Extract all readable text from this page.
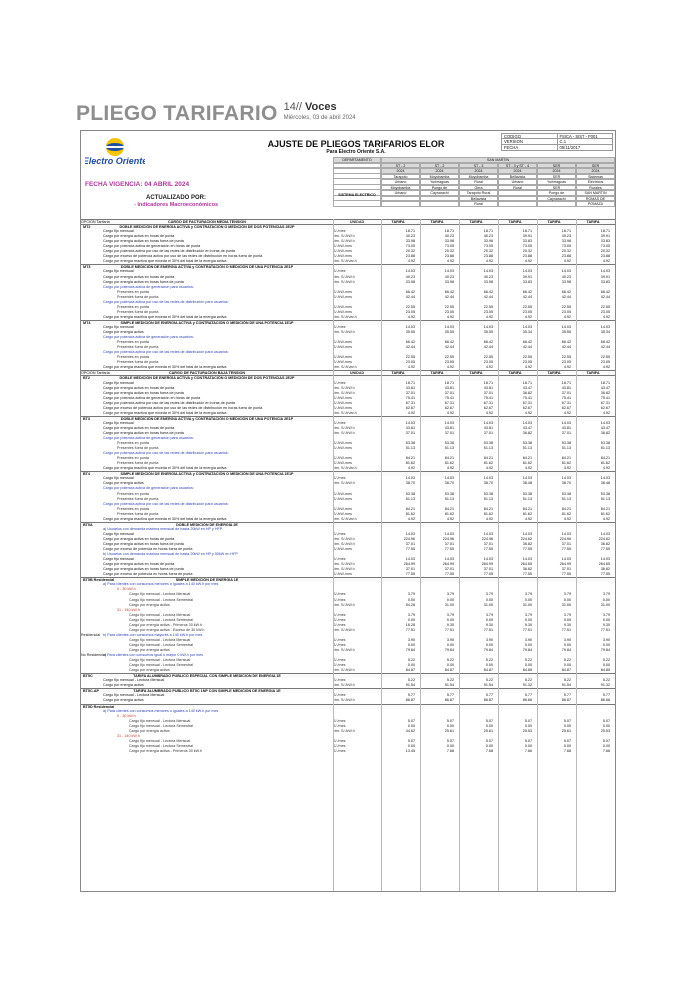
PLIEGO TARIFARIO 14// Voces
Miércoles, 03 de abril 2024
Electro Oriente
AJUSTE DE PLIEGOS TARIFARIOS ELOR
Para Electro Oriente S.A.
CODIGO	FSICA - SIS7 - F001
VERSION	C.1
FECHA	05/11/2017
FECHA VIGENCIA: 04 ABRIL 2024
ACTUALIZADO POR:
- Indicadores Macroeconómicos
DEPARTAMENTO	SAN MARTIN
ST - 2	ST - 2	ST - 3	ST - 3 y ST - 4	SER	SER
2024	2024	2024	2024	2024	2024
Tarapoto	Moyobamba	Moyobamba	Bellavista	SER	Sistemas
Urbano	Yurimaguas	Rural	Urbano	Yurimaguas	Eléctricos
Moyobamba	Pongo de	Gera	Rural	SER	Rurales
Urbano	Caynarachi	Tarapoto Rural	Pongo de	SAN MARTIN
Bellavista	Caynarachi	ROMAS DE
Rural	POMAZA
SISTEMA ELECTRICO
OPCION Tarifaria	CARGO DE FACTURACION MEDIA TENSION	UNIDAD	TARIFA	TARIFA	TARIFA	TARIFA	TARIFA	TARIFA
MT2	DOBLE MEDICIÓN DE ENERGÍA ACTIVA y CONTRATACIÓN O MEDICIÓN DE DOS POTENCIAS 2E2P
Cargo fijo mensual	S/./mes	18.71	18.71	18.71	18.71	18.71	18.71
Cargo por energía activa en horas de punta	ctm. S/./kW.h	40.23	40.23	40.23	39.91	40.23	39.91
Cargo por energía activa en horas fuera de punta	ctm. S/./kW.h	33.98	33.98	33.98	33.83	33.98	33.83
Cargo por potencia activa de generación en horas de punta	S/./kW-mes	73.05	73.05	73.05	73.05	73.05	73.05
Cargo por potencia activa por uso de las redes de distribución en horas de punta	S/./kW-mes	20.32	20.32	20.32	20.32	20.32	20.32
Cargo por exceso de potencia activa por uso de las redes de distribución en horas fuera de punta	S/./kW-mes	23.88	23.88	23.88	23.88	23.88	23.88
Cargo por energía reactiva que exceda el 30% del total de la energía activa	ctm. S/./kVar.h	4.92	4.92	4.92	4.92	4.92	4.92
MT3	DOBLE MEDICIÓN DE ENERGÍA ACTIVA y CONTRATACIÓN O MEDICIÓN DE UNA POTENCIA 2E1P
Cargo fijo mensual	S/./mes	14.03	14.03	14.03	14.03	14.03	14.03
Cargo por energía activa en horas de punta	ctm. S/./kW.h	40.23	40.23	40.23	39.91	40.23	39.91
Cargo por energía activa en horas fuera de punta	ctm. S/./kW.h	33.98	33.98	33.98	33.83	33.98	33.83
Cargo por potencia activa de generación para usuarios:
Presentes en punta	S/./kW-mes	66.42	66.42	66.42	66.42	66.42	66.42
Presentes fuera de punta	S/./kW-mes	42.44	42.44	42.44	42.44	42.44	42.44
Cargo por potencia activa por uso de las redes de distribución para usuarios:
Presentes en punta	S/./kW-mes	22.55	22.55	22.55	22.55	22.55	22.55
Presentes fuera de punta	S/./kW-mes	23.05	23.05	23.05	23.05	23.05	23.05
Cargo por energía reactiva que exceda el 30% del total de la energía activa	ctm. S/./kVar.h	4.92	4.92	4.92	4.92	4.92	4.92
MT4	SIMPLE MEDICIÓN DE ENERGÍA ACTIVA y CONTRATACIÓN O MEDICIÓN DE UNA POTENCIA 1E1P
Cargo fijo mensual	S/./mes	14.03	14.03	14.03	14.03	14.03	14.03
Cargo por energía activa	ctm. S/./kW.h	35.55	35.55	35.55	35.34	35.55	35.34
Cargo por potencia activa de generación para usuarios:
Presentes en punta	S/./kW-mes	66.42	66.42	66.42	66.42	66.42	66.42
Presentes fuera de punta	S/./kW-mes	42.44	42.44	42.44	42.44	42.44	42.44
Cargo por potencia activa por uso de las redes de distribución para usuarios:
Presentes en punta	S/./kW-mes	22.55	22.55	22.55	22.55	22.55	22.55
Presentes fuera de punta	S/./kW-mes	23.05	23.05	23.05	23.05	23.05	23.05
Cargo por energía reactiva que exceda el 30% del total de la energía activa	ctm. S/./kVar.h	4.92	4.92	4.92	4.92	4.92	4.92
OPCION Tarifaria	CARGO DE FACTURACION BAJA TENSION	UNIDAD	TARIFA	TARIFA	TARIFA	TARIFA	TARIFA	TARIFA
BT2	DOBLE MEDICIÓN DE ENERGÍA ACTIVA y CONTRATACIÓN O MEDICIÓN DE DOS POTENCIAS 2E2P
Cargo fijo mensual	S/./mes	18.71	18.71	18.71	18.71	18.71	18.71
Cargo por energía activa en horas de punta	ctm. S/./kW.h	43.81	43.81	43.81	43.47	43.81	43.47
Cargo por energía activa en horas fuera de punta	ctm. S/./kW.h	37.01	37.01	37.01	36.82	37.01	36.82
Cargo por potencia activa de generación en horas de punta	S/./kW-mes	75.41	75.41	75.41	75.41	75.41	75.41
Cargo por potencia activa por uso de las redes de distribución en horas de punta	S/./kW-mes	67.31	67.31	67.31	67.31	67.31	67.31
Cargo por exceso de potencia activa por uso de las redes de distribución en horas fuera de punta	S/./kW-mes	62.67	62.67	62.67	62.67	62.67	62.67
Cargo por energía reactiva que exceda el 30% del total de la energía activa	ctm. S/./kVar.h	4.92	4.92	4.92	4.92	4.92	4.92
BT3	DOBLE MEDICIÓN DE ENERGÍA ACTIVA y CONTRATACIÓN O MEDICIÓN DE UNA POTENCIA 2E1P
Cargo fijo mensual	S/./mes	14.03	14.03	14.03	14.03	14.03	14.03
Cargo por energía activa en horas de punta	ctm. S/./kW.h	43.81	43.81	43.81	43.47	43.81	43.47
Cargo por energía activa en horas fuera de punta	ctm. S/./kW.h	37.01	37.01	37.01	36.82	37.01	36.82
Cargo por potencia activa de generación para usuarios:
Presentes en punta	S/./kW-mes	53.38	53.38	53.38	53.38	53.38	53.38
Presentes fuera de punta	S/./kW-mes	51.13	51.13	51.13	51.13	51.13	51.13
Cargo por potencia activa por uso de las redes de distribución para usuarios:
Presentes en punta	S/./kW-mes	84.21	84.21	84.21	84.21	84.21	84.21
Presentes fuera de punta	S/./kW-mes	81.62	81.62	81.62	81.62	81.62	81.62
Cargo por energía reactiva que exceda el 30% del total de la energía activa	ctm. S/./kVar.h	4.92	4.92	4.92	4.92	4.92	4.92
BT4	SIMPLE MEDICIÓN DE ENERGÍA ACTIVA y CONTRATACIÓN O MEDICIÓN DE UNA POTENCIA 1E1P
Cargo fijo mensual	S/./mes	14.03	14.03	14.03	14.03	14.03	14.03
Cargo por energía activa	ctm. S/./kW.h	38.70	38.70	38.70	38.48	38.70	38.48
Cargo por potencia activa de generación para usuarios:
Presentes en punta	S/./kW-mes	53.38	53.38	53.38	53.38	53.38	53.38
Presentes fuera de punta	S/./kW-mes	51.13	51.13	51.13	51.13	51.13	51.13
Cargo por potencia activa por uso de las redes de distribución para usuarios:
Presentes en punta	S/./kW-mes	84.21	84.21	84.21	84.21	84.21	84.21
Presentes fuera de punta	S/./kW-mes	81.62	81.62	81.62	81.62	81.62	81.62
Cargo por energía reactiva que exceda el 30% del total de la energía activa	ctm. S/./kVar.h	4.92	4.92	4.92	4.92	4.92	4.92
BT5A	DOBLE MEDICIÓN DE ENERGÍA 2E
a) Usuarios con demanda máxima mensual de hasta 20kW en HP y HFP
Cargo fijo mensual	S/./mes	14.03	14.03	14.03	14.03	14.03	14.03
Cargo por energía activa en horas de punta	ctm. S/./kW.h	224.96	224.96	224.96	224.62	224.96	224.62
Cargo por energía activa en horas fuera de punta	ctm. S/./kW.h	37.01	37.01	37.01	36.82	37.01	36.82
Cargo por exceso de potencia en horas fuera de punta	S/./kW-mes	77.55	77.55	77.55	77.55	77.55	77.55
b) Usuarios con demanda máxima mensual de hasta 20kW en HP y 50kW en HFP
Cargo fijo mensual	S/./mes	14.03	14.03	14.03	14.03	14.03	14.03
Cargo por energía activa en horas de punta	ctm. S/./kW.h	264.99	264.99	264.99	264.65	264.99	264.65
Cargo por energía activa en horas fuera de punta	ctm. S/./kW.h	37.01	37.01	37.01	36.82	37.01	36.82
Cargo por exceso de potencia en horas fuera de punta	S/./kW-mes	77.55	77.55	77.55	77.55	77.55	77.55
BT5B Residencial	SIMPLE MEDICIÓN DE ENERGÍA 1E
a) Para clientes con consumos menores o iguales a 140 kW.h por mes
0 - 30 kW.h
Cargo fijo mensual - Lectura Mensual	S/./mes	3.79	3.79	3.79	3.79	3.79	3.79
Cargo fijo mensual - Lectura Semestral	S/./mes	0.00	0.00	0.00	0.00	0.00	0.00
Cargo por energía activa	ctm. S/./kW.h	54.28	31.00	31.00	31.00	31.00	31.00
31 - 140 kW.h
Cargo fijo mensual - Lectura Mensual	S/./mes	3.79	3.79	3.79	3.79	3.79	3.79
Cargo fijo mensual - Lectura Semestral	S/./mes	0.00	0.00	0.00	0.00	0.00	0.00
Cargo por energía activa - Primeros 30 kW.h	S/./mes	16.28	9.30	9.30	9.30	9.30	9.30
Cargo por energía activa - Exceso de 30 kW.h	ctm. S/./kW.h	77.51	77.51	77.51	77.51	77.51	77.51
Residencial b) Para clientes con consumos mayores a 140 kW.h por mes
Cargo fijo mensual - Lectura Mensual	S/./mes	3.90	3.90	3.90	3.90	3.90	3.90
Cargo fijo mensual - Lectura Semestral	S/./mes	0.00	0.00	0.00	0.00	0.00	0.00
Cargo por energía activa	ctm. S/./kW.h	79.84	79.84	79.84	79.84	79.84	79.84
No Residencial
c) Para clientes con consumos igual o mayor 0 kW.h por mes
Cargo fijo mensual - Lectura Mensual	S/./mes	5.22	5.22	5.22	5.22	5.22	5.22
Cargo fijo mensual - Lectura Semestral	S/./mes	0.00	0.00	0.00	0.00	0.00	0.00
Cargo por energía activa	ctm. S/./kW.h	84.87	84.87	84.87	84.85	84.87	84.85
BT5C	TARIFA ALUMBRADO PUBLICO ESPECIAL CON SIMPLE MEDICION DE ENERGIA 1E
Cargo fijo mensual - Lectura Mensual	S/./mes	5.22	5.22	5.22	5.22	5.22	5.22
Cargo por energía activa	ctm. S/./kW.h	91.54	91.54	91.54	91.32	91.54	91.32
BT5C-AP	TARIFA ALUMBRADO PUBLICO BT5C 1NP CON SIMPLE MEDICION DE ENERGIA 1E
Cargo fijo mensual - Lectura Mensual	S/./mes	5.77	5.77	5.77	5.77	5.77	5.77
Cargo por energía activa	ctm. S/./kW.h	86.87	86.87	86.87	86.66	86.87	86.66
BT5D Residencial
a) Para clientes con consumos menores o iguales a 140 kW.h por mes
0 - 30 kW.h
Cargo fijo mensual - Lectura Mensual	S/./mes	5.07	5.07	5.07	5.07	5.07	5.07
Cargo fijo mensual - Lectura Semestral	S/./mes	0.00	0.00	0.00	0.00	0.00	0.00
Cargo por energía activa	ctm. S/./kW.h	44.62	25.61	25.61	25.53	25.61	25.53
31 - 140 kW.h
Cargo fijo mensual - Lectura Mensual	S/./mes	5.07	5.07	5.07	5.07	5.07	5.07
Cargo fijo mensual - Lectura Semestral	S/./mes	0.00	0.00	0.00	0.00	0.00	0.00
Cargo por energía activa - Primeros 30 kW.h	S/./mes	13.45	7.68	7.68	7.66	7.68	7.66
